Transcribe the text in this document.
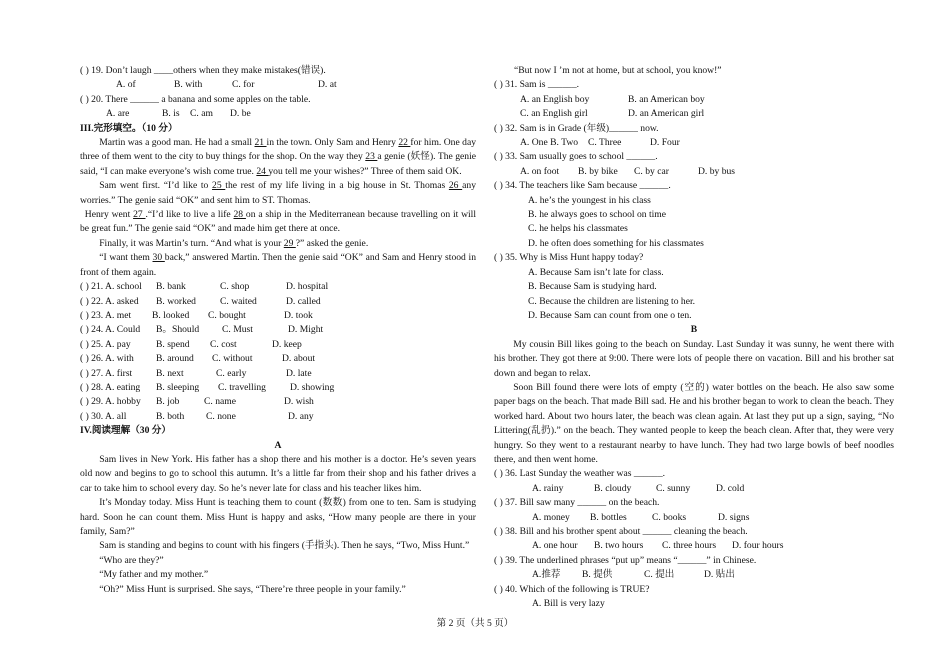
( ) 19. Don’t laugh ____others when they make mistakes(错误).
A. of	B. with	C. for	D. at
( ) 20. There ______ a banana and some apples on the table.
A. are	B. is C. am D. be
III.完形填空。（10 分）
Martin was a good man. He had a small 21 in the town. Only Sam and Henry 22 for him. One day three of them went to the city to buy things for the shop. On the way they 23 a genie (妖怪). The genie said, “I can make everyone’s wish come true. 24 you tell me your wishes?” Three of them said OK.
Sam went first. “I’d like to 25 the rest of my life living in a big house in St. Thomas 26 any worries.” The genie said “OK” and sent him to ST. Thomas.
Henry went 27 .“I’d like to live a life 28 on a ship in the Mediterranean because travelling on it will be great fun.” The genie said “OK” and made him get there at once.
Finally, it was Martin’s turn. “And what is your 29 ?” asked the genie.
“I want them 30 back,” answered Martin. Then the genie said “OK” and Sam and Henry stood in front of them again.
( ) 21. A. school B. bank	C. shop	D. hospital
( ) 22. A. asked B. worked	C. waited	D. called
( ) 23. A. met B. looked C. bought	D. took
( ) 24. A. Could B。Should C. Must	D. Might
( ) 25. A. pay	B. spend C. cost	D. keep
( ) 26. A. with B. around C. without	D. about
( ) 27. A. first B. next	C. early	D. late
( ) 28. A. eating B. sleeping C. travelling	D. showing
( ) 29. A. hobby B. job	C. name	D. wish
( ) 30. A. all	B. both C. none	D. any
IV.阅读理解（30 分）
A
Sam lives in New York. His father has a shop there and his mother is a doctor. He’s seven years old now and begins to go to school this autumn. It’s a little far from their shop and his father drives a car to take him to school every day. So he’s never late for class and his teacher likes him.
It’s Monday today. Miss Hunt is teaching them to count (数数) from one to ten. Sam is studying hard. Soon he can count them. Miss Hunt is happy and asks, “How many people are there in your family, Sam?”
Sam is standing and begins to count with his fingers (手指头). Then he says, “Two, Miss Hunt.”
“Who are they?”
“My father and my mother.”
“Oh?” Miss Hunt is surprised. She says, “There’re three people in your family.”
“But now I ’m not at home, but at school, you know!”
( ) 31. Sam is ______.
A. an English boy	B. an American boy
C. an English girl	D. an American girl
( ) 32. Sam is in Grade (年级)______ now.
A. One B. Two C. Three	D. Four
( ) 33. Sam usually goes to school ______.
A. on foot B. by bike C. by car	D. by bus
( ) 34. The teachers like Sam because ______.
A. he’s the youngest in his class
B. he always goes to school on time
C. he helps his classmates
D. he often does something for his classmates
( ) 35. Why is Miss Hunt happy today?
A. Because Sam isn’t late for class.
B. Because Sam is studying hard.
C. Because the children are listening to her.
D. Because Sam can count from one o ten.
B
My cousin Bill likes going to the beach on Sunday. Last Sunday it was sunny, he went there with his brother. They got there at 9:00. There were lots of people there on vacation. Bill and his brother sat down and began to relax.
Soon Bill found there were lots of empty (空的) water bottles on the beach. He also saw some paper bags on the beach. That made Bill sad. He and his brother began to work to clean the beach. They worked hard. About two hours later, the beach was clean again. At last they put up a sign, saying, “No Littering(乱扔).” on the beach. They wanted people to keep the beach clean. After that, they were very hungry. So they went to a restaurant nearby to have lunch. They had two large bowls of beef noodles there, and then went home.
( ) 36. Last Sunday the weather was ______.
A. rainy	B. cloudy	C. sunny	D. cold
( ) 37. Bill saw many ______ on the beach.
A. money B. bottles	C. books	D. signs
( ) 38. Bill and his brother spent about ______ cleaning the beach.
A. one hour B. two hours C. three hours D. four hours
( ) 39. The underlined phrases “put up” means “______” in Chinese.
A.推荐 B. 提供	C. 提出	D. 贴出
( ) 40. Which of the following is TRUE?
A. Bill is very lazy
第 2 页（共 5 页）
